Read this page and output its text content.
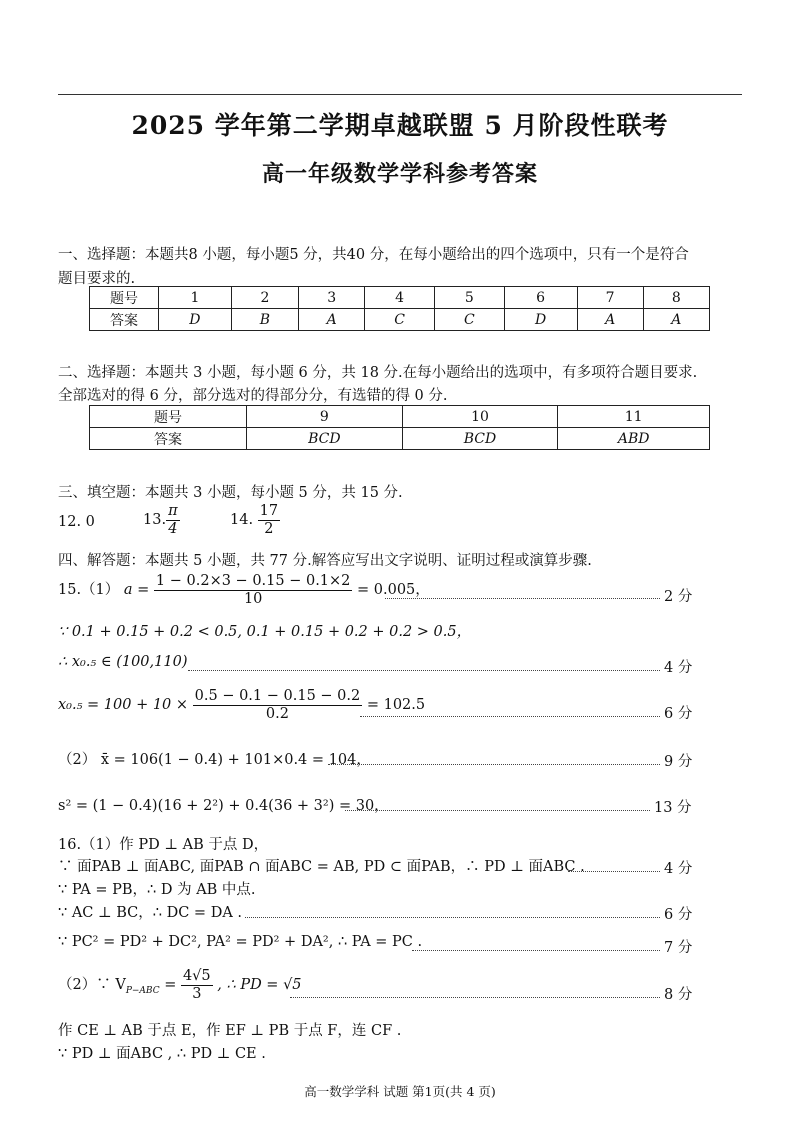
2025 学年第二学期卓越联盟 5 月阶段性联考
高一年级数学学科参考答案
一、选择题：本题共8 小题，每小题5 分，共40 分，在每小题给出的四个选项中，只有一个是符合
题目要求的.
题号	1	2	3	4	5	6	7	8
答案	D	B	A	C	C	D	A	A
二、选择题：本题共 3 小题，每小题 6 分，共 18 分.在每小题给出的选项中，有多项符合题目要求.
全部选对的得 6 分，部分选对的得部分分，有选错的得 0 分.
题号	9	10	11
答案	BCD	BCD	ABD
三、填空题：本题共 3 小题，每小题 5 分，共 15 分.
12. 0	13. $\frac{\pi}{4}$	14. $\frac{17}{2}$
四、解答题：本题共 5 小题，共 77 分.解答应写出文字说明、证明过程或演算步骤.
15.（1） $a = \frac{1 - 0.2\times 3 - 0.15 - 0.1\times 2}{10} = 0.005$，	2 分
∵ 0.1 + 0.15 + 0.2 < 0.5, 0.1 + 0.15 + 0.2 + 0.2 > 0.5，
∴ x₀.₅ ∈ (100,110)	4 分
$x_0._5 = 100 + 10 \times \frac{0.5 - 0.1 - 0.15 - 0.2}{0.2} = 102.5$
6 分
（2） x̄ = 106(1 − 0.4) + 101×0.4 = 104，	9 分
s² = (1 − 0.4)(16 + 2²) + 0.4(36 + 3²) = 30，	13 分
16.（1）作 PD ⊥ AB 于点 D，
∵ 面PAB ⊥ 面ABC, 面PAB ∩ 面ABC = AB, PD ⊂ 面PAB，∴ PD ⊥ 面ABC .	4 分
∵ PA = PB，∴ D 为 AB 中点.
∵ AC ⊥ BC，∴ DC = DA .	6 分
∵ PC² = PD² + DC², PA² = PD² + DA², ∴ PA = PC .	7 分
（2）∵ $V_{P-ABC} = \frac{4√5}{3}$ , ∴ PD = √5
8 分
作 CE ⊥ AB 于点 E，作 EF ⊥ PB 于点 F，连 CF .
∵ PD ⊥ 面ABC , ∴ PD ⊥ CE .
高一数学学科 试题 第1页(共 4 页)
